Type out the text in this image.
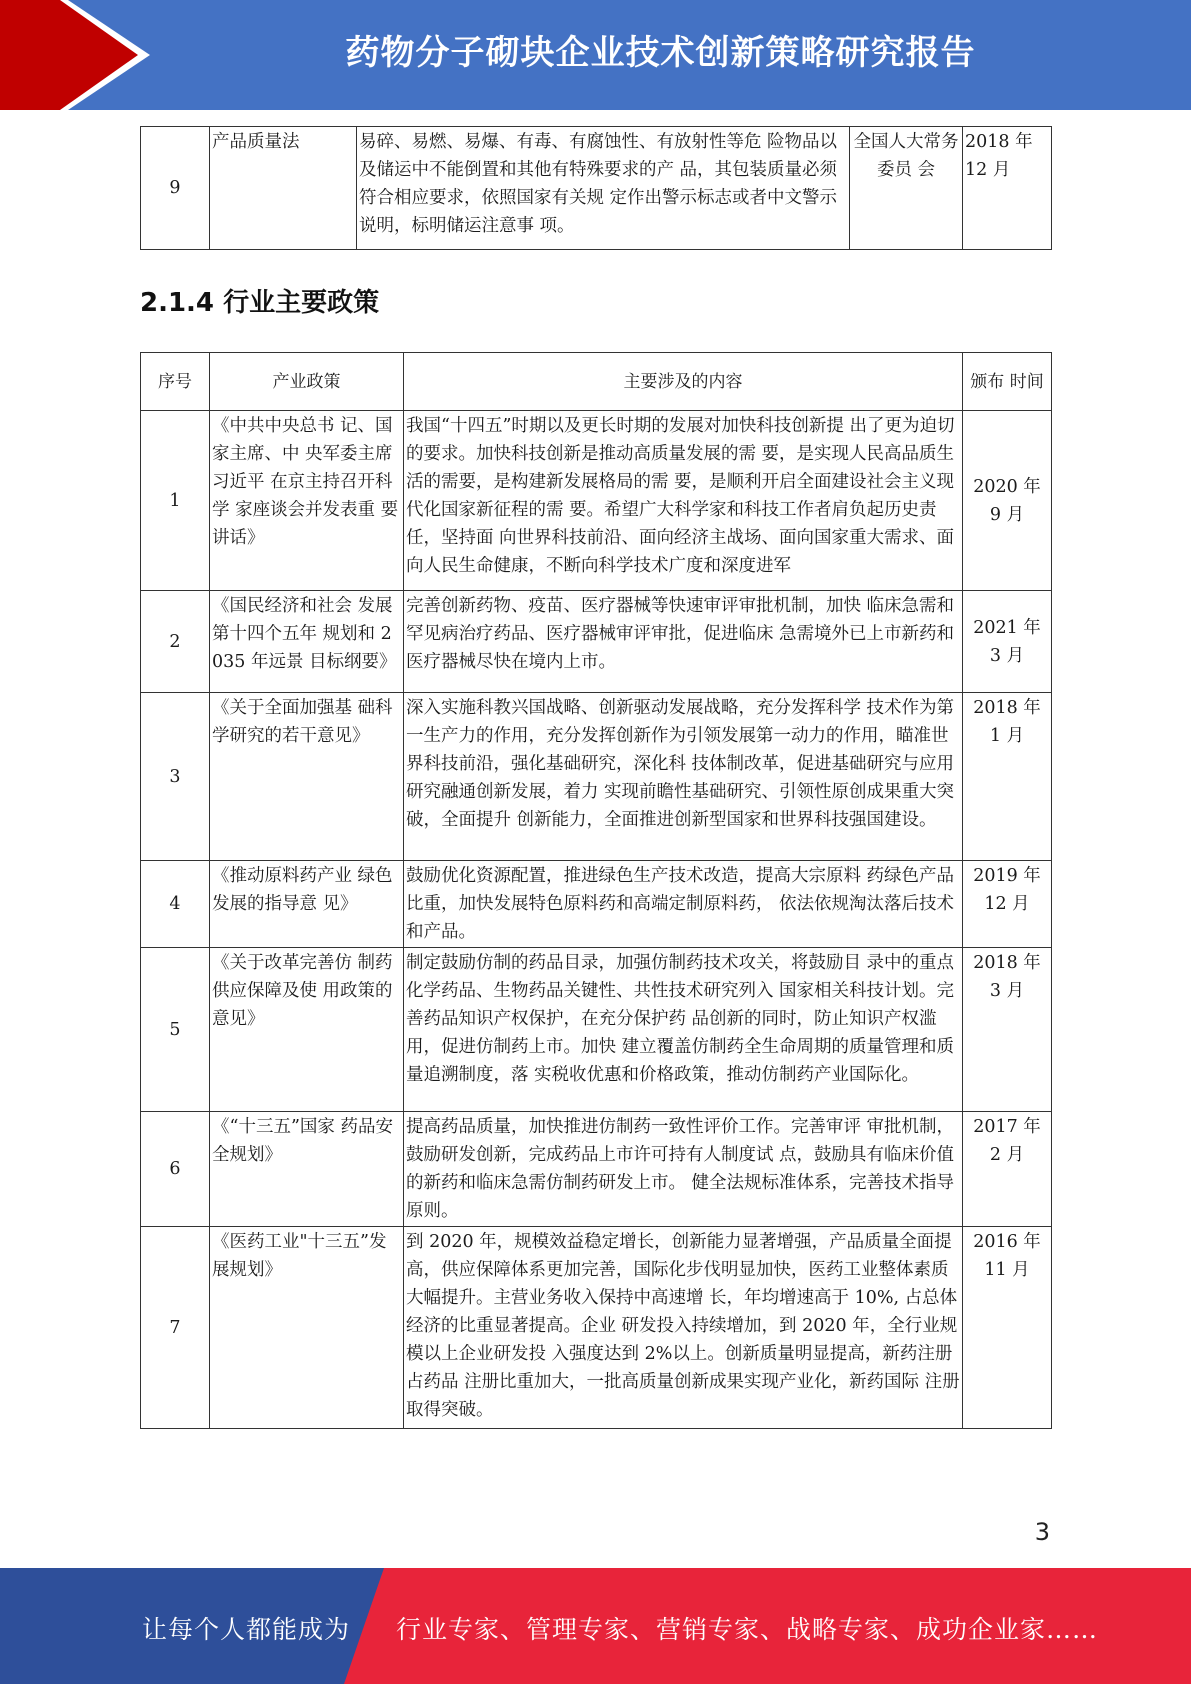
药物分子砌块企业技术创新策略研究报告
9	产品质量法	易碎、易燃、易爆、有毒、有腐蚀性、有放射性等危 险物品以及储运中不能倒置和其他有特殊要求的产 品，其包装质量必须符合相应要求，依照国家有关规 定作出警示标志或者中文警示说明，标明储运注意事 项。	全国人大常务委员 会	2018 年 12 月
2.1.4 行业主要政策
序号	产业政策	主要涉及的内容	颁布 时间
1	《中共中央总书 记、国家主席、中 央军委主席习近平 在京主持召开科学 家座谈会并发表重 要讲话》	我国“十四五”时期以及更长时期的发展对加快科技创新提 出了更为迫切的要求。加快科技创新是推动高质量发展的需 要，是实现人民高品质生活的需要，是构建新发展格局的需 要，是顺利开启全面建设社会主义现代化国家新征程的需 要。希望广大科学家和科技工作者肩负起历史责任，坚持面 向世界科技前沿、面向经济主战场、面向国家重大需求、面 向人民生命健康，不断向科学技术广度和深度进军	2020 年 9 月
2	《国民经济和社会 发展第十四个五年 规划和 2035 年远景 目标纲要》	完善创新药物、疫苗、医疗器械等快速审评审批机制，加快 临床急需和罕见病治疗药品、医疗器械审评审批，促进临床 急需境外已上市新药和医疗器械尽快在境内上市。	2021 年 3 月
3	《关于全面加强基 础科学研究的若干意见》	深入实施科教兴国战略、创新驱动发展战略，充分发挥科学 技术作为第一生产力的作用，充分发挥创新作为引领发展第一动力的作用，瞄准世界科技前沿，强化基础研究，深化科 技体制改革，促进基础研究与应用研究融通创新发展，着力 实现前瞻性基础研究、引领性原创成果重大突破，全面提升 创新能力，全面推进创新型国家和世界科技强国建设。	2018 年 1 月
4	《推动原料药产业 绿色发展的指导意 见》	鼓励优化资源配置，推进绿色生产技术改造，提高大宗原料 药绿色产品比重，加快发展特色原料药和高端定制原料药， 依法依规淘汰落后技术和产品。	2019 年 12 月
5	《关于改革完善仿 制药供应保障及使 用政策的意见》	制定鼓励仿制的药品目录，加强仿制药技术攻关，将鼓励目 录中的重点化学药品、生物药品关键性、共性技术研究列入 国家相关科技计划。完善药品知识产权保护，在充分保护药 品创新的同时，防止知识产权滥用，促进仿制药上市。加快 建立覆盖仿制药全生命周期的质量管理和质量追溯制度，落 实税收优惠和价格政策，推动仿制药产业国际化。	2018 年 3 月
6	《“十三五”国家 药品安全规划》	提高药品质量，加快推进仿制药一致性评价工作。完善审评 审批机制，鼓励研发创新，完成药品上市许可持有人制度试 点，鼓励具有临床价值的新药和临床急需仿制药研发上市。 健全法规标准体系，完善技术指导原则。	2017 年 2 月
7	《医药工业"十三五”发展规划》	到 2020 年，规模效益稳定增长，创新能力显著增强，产品质量全面提高，供应保障体系更加完善，国际化步伐明显加快，医药工业整体素质大幅提升。主营业务收入保持中高速增 长，年均增速高于 10%, 占总体经济的比重显著提高。企业 研发投入持续增加，到 2020 年，全行业规模以上企业研发投 入强度达到 2%以上。创新质量明显提高，新药注册占药品 注册比重加大，一批高质量创新成果实现产业化，新药国际 注册取得突破。	2016 年 11 月
3
让每个人都能成为 行业专家、管理专家、营销专家、战略专家、成功企业家……
